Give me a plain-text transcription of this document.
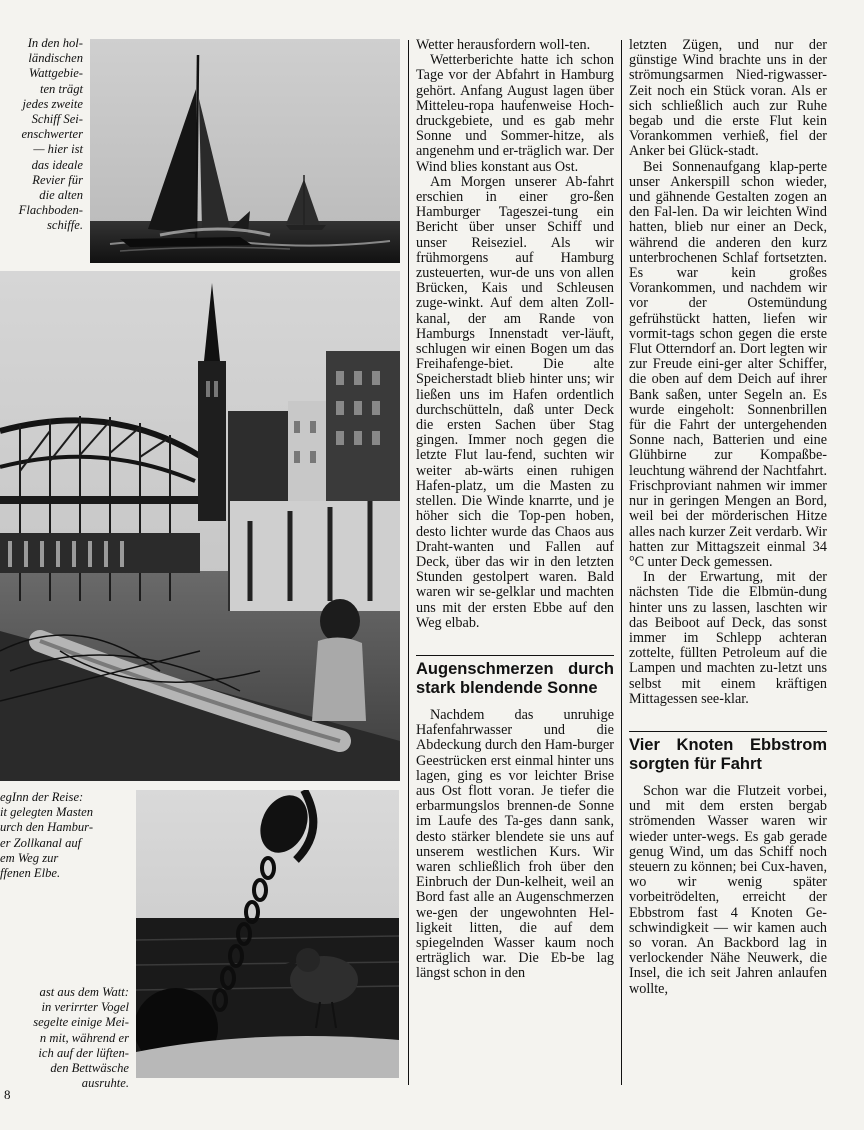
In den hol-
ländischen
Wattgebie-
ten trägt
jedes zweite
Schiff Sei-
enschwerter
— hier ist
das ideale
Revier für
die alten
Flachboden-
schiffe.
egInn der Reise:
it gelegten Masten
urch den Hambur-
er Zollkanal auf
em Weg zur
ffenen Elbe.
ast aus dem Watt:
in verirrter Vogel
segelte einige Mei-
n mit, während er
ich auf der lüften-
den Bettwäsche
ausruhte.
8

Wetter herausfordern woll-ten.

Wetterberichte hatte ich schon Tage vor der Abfahrt in Hamburg gehört. Anfang August lagen über Mitteleu-ropa haufenweise Hoch-druckgebiete, und es gab mehr Sonne und Sommer-hitze, als angenehm und er-träglich war. Der Wind blies konstant aus Ost.

Am Morgen unserer Ab-fahrt erschien in einer gro-ßen Hamburger Tageszei-tung ein Bericht über unser Schiff und unser Reiseziel. Als wir frühmorgens auf Hamburg zusteuerten, wur-de uns von allen Brücken, Kais und Schleusen zuge-winkt. Auf dem alten Zoll-kanal, der am Rande von Hamburgs Innenstadt ver-läuft, schlugen wir einen Bogen um das Freihafenge-biet. Die alte Speicherstadt blieb hinter uns; wir ließen uns im Hafen ordentlich durchschütteln, daß unter Deck die ersten Sachen über Stag gingen. Immer noch gegen die letzte Flut lau-fend, suchten wir weiter ab-wärts einen ruhigen Hafen-platz, um die Masten zu stellen. Die Winde knarrte, und je höher sich die Top-pen hoben, desto lichter wurde das Chaos aus Draht-wanten und Fallen auf Deck, über das wir in den letzten Stunden gestolpert waren. Bald waren wir se-gelklar und machten uns mit der ersten Ebbe auf den Weg elbab.

Augenschmerzen durch stark blendende Sonne

Nachdem das unruhige Hafenfahrwasser und die Abdeckung durch den Ham-burger Geestrücken erst einmal hinter uns lagen, ging es vor leichter Brise aus Ost flott voran. Je tiefer die erbarmungslos brennen-de Sonne im Laufe des Ta-ges dann sank, desto stärker blendete sie uns auf unserem westlichen Kurs. Wir waren schließlich froh über den Einbruch der Dun-kelheit, weil an Bord fast alle an Augenschmerzen we-gen der ungewohnten Hel-ligkeit litten, die auf dem spiegelnden Wasser kaum noch erträglich war. Die Eb-be lag längst schon in den

letzten Zügen, und nur der günstige Wind brachte uns in der strömungsarmen Nied-rigwasser-Zeit noch ein Stück voran. Als er sich schließlich auch zur Ruhe begab und die erste Flut kein Vorankommen verhieß, fiel der Anker bei Glück-stadt.

Bei Sonnenaufgang klap-perte unser Ankerspill schon wieder, und gähnende Gestalten zogen an den Fal-len. Da wir leichten Wind hatten, blieb nur einer an Deck, während die anderen den kurz unterbrochenen Schlaf fortsetzten. Es war kein großes Vorankommen, und nachdem wir vor der Ostemündung gefrühstückt hatten, liefen wir vormit-tags schon gegen die erste Flut Otterndorf an. Dort legten wir zur Freude eini-ger alter Schiffer, die oben auf dem Deich auf ihrer Bank saßen, unter Segeln an. Es wurde eingeholt: Sonnenbrillen für die Fahrt der untergehenden Sonne nach, Batterien und eine Glühbirne zur Kompaßbe-leuchtung während der Nachtfahrt. Frischproviant nahmen wir immer nur in geringen Mengen an Bord, weil bei der mörderischen Hitze alles nach kurzer Zeit verdarb. Wir hatten zur Mittagszeit einmal 34 °C unter Deck gemessen.

In der Erwartung, mit der nächsten Tide die Elbmün-dung hinter uns zu lassen, laschten wir das Beiboot auf Deck, das sonst immer im Schlepp achteran zottelte, füllten Petroleum auf die Lampen und machten zu-letzt uns selbst mit einem kräftigen Mittagessen see-klar.

Vier Knoten Ebbstrom sorgten für Fahrt

Schon war die Flutzeit vorbei, und mit dem ersten bergab strömenden Wasser waren wir wieder unter-wegs. Es gab gerade genug Wind, um das Schiff noch steuern zu können; bei Cux-haven, wo wir wenig später vorbeitrödelten, erreicht der Ebbstrom fast 4 Knoten Ge-schwindigkeit — wir kamen auch so voran. An Backbord lag in verlockender Nähe Neuwerk, die Insel, die ich seit Jahren anlaufen wollte,
